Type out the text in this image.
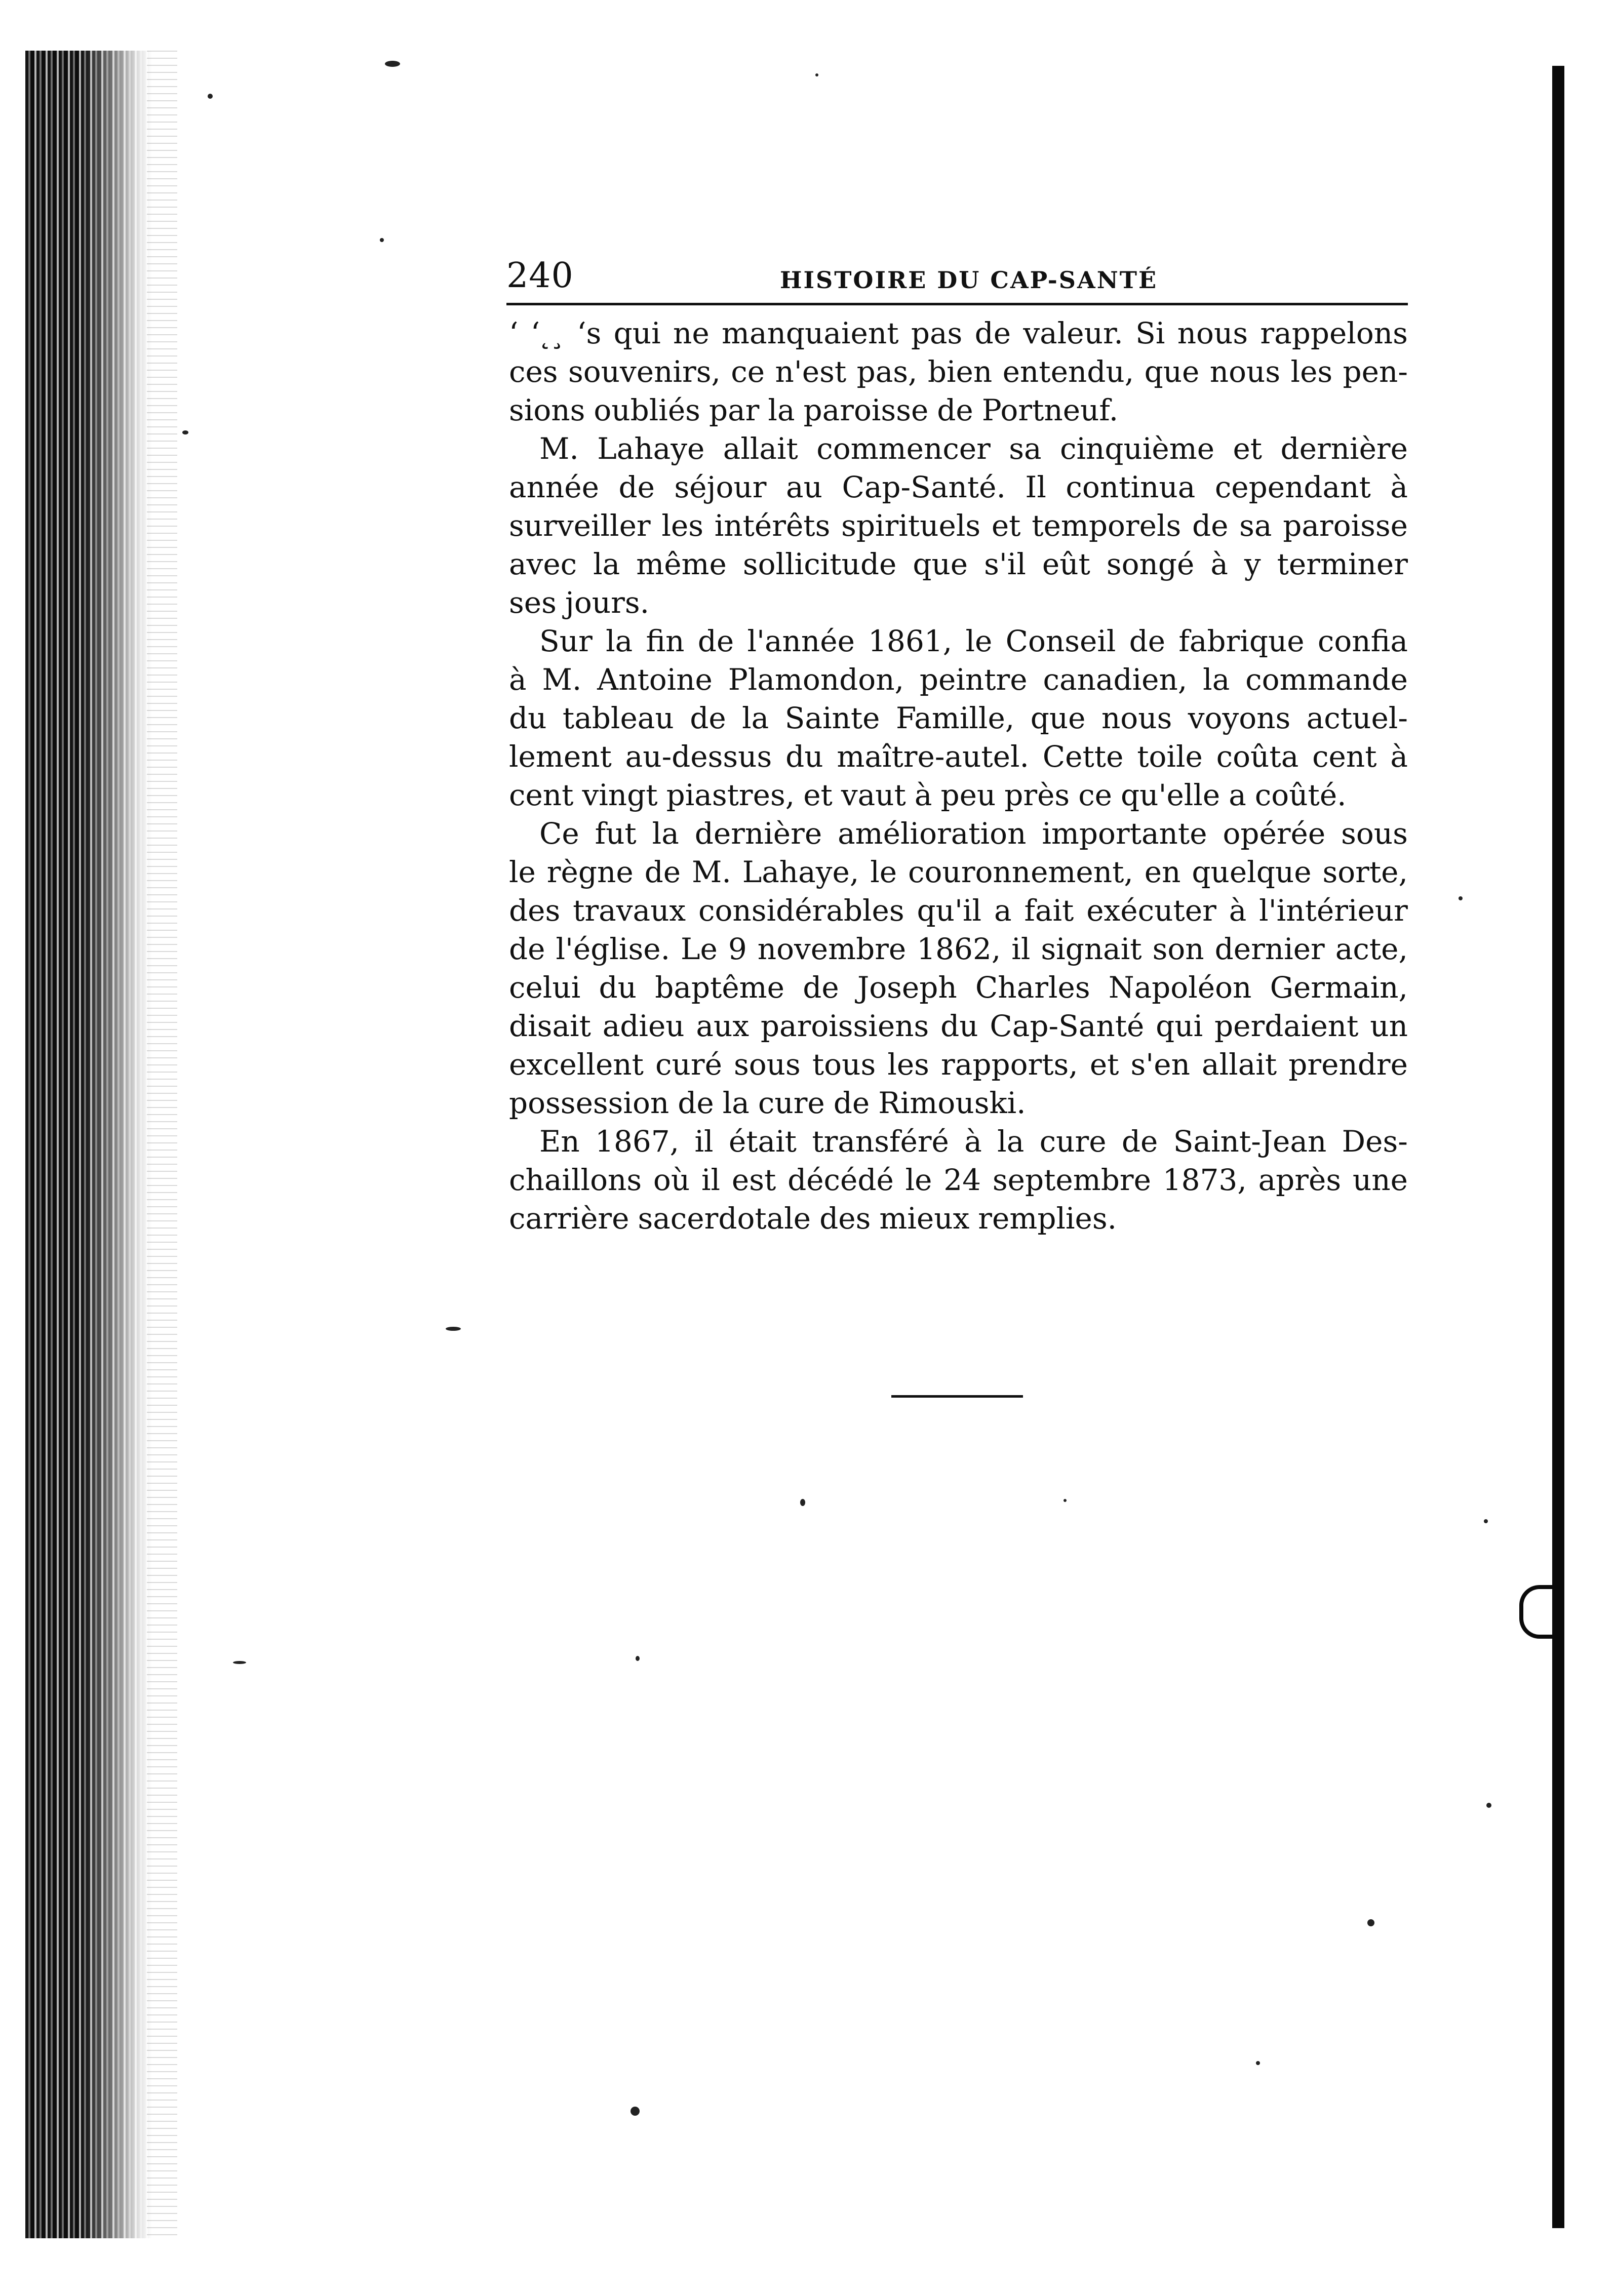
240	HISTOIRE DU CAP-SANTÉ
ʻ ʻ ʻs qui ne manquaient pas de valeur. Si nous rappelons
ces souvenirs, ce n'est pas, bien entendu, que nous les pen-
sions oubliés par la paroisse de Portneuf.
M. Lahaye allait commencer sa cinquième et dernière
année de séjour au Cap-Santé. Il continua cependant à
surveiller les intérêts spirituels et temporels de sa paroisse
avec la même sollicitude que s'il eût songé à y terminer
ses jours.
Sur la fin de l'année 1861, le Conseil de fabrique confia
à M. Antoine Plamondon, peintre canadien, la commande
du tableau de la Sainte Famille, que nous voyons actuel-
lement au-dessus du maître-autel. Cette toile coûta cent à
cent vingt piastres, et vaut à peu près ce qu'elle a coûté.
Ce fut la dernière amélioration importante opérée sous
le règne de M. Lahaye, le couronnement, en quelque sorte,
des travaux considérables qu'il a fait exécuter à l'intérieur
de l'église. Le 9 novembre 1862, il signait son dernier acte,
celui du baptême de Joseph Charles Napoléon Germain,
disait adieu aux paroissiens du Cap-Santé qui perdaient un
excellent curé sous tous les rapports, et s'en allait prendre
possession de la cure de Rimouski.
En 1867, il était transféré à la cure de Saint-Jean Des-
chaillons où il est décédé le 24 septembre 1873, après une
carrière sacerdotale des mieux remplies.
